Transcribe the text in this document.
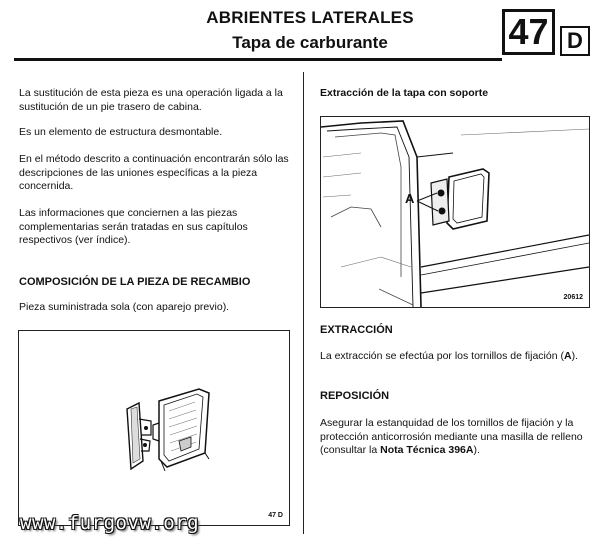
ABRIENTES LATERALES
Tapa de carburante	47 D
La sustitución de esta pieza es una operación ligada a la sustitución de un pie trasero de cabina.
Es un elemento de estructura desmontable.
En el método descrito a continuación encontrarán sólo las descripciones de las uniones específicas a la pieza concernida.
Las informaciones que conciernen a las piezas complementarias serán tratadas en sus capítulos respectivos (ver índice).
COMPOSICIÓN DE LA PIEZA DE RECAMBIO
Pieza suministrada sola (con aparejo previo).
47 D
Extracción de la tapa con soporte
A
20612
EXTRACCIÓN
La extracción se efectúa por los tornillos de fijación (A).
REPOSICIÓN
Asegurar la estanquidad de los tornillos de fijación y la protección anticorrosión mediante una masilla de relleno (consultar la Nota Técnica 396A).
www.furgovw.org
